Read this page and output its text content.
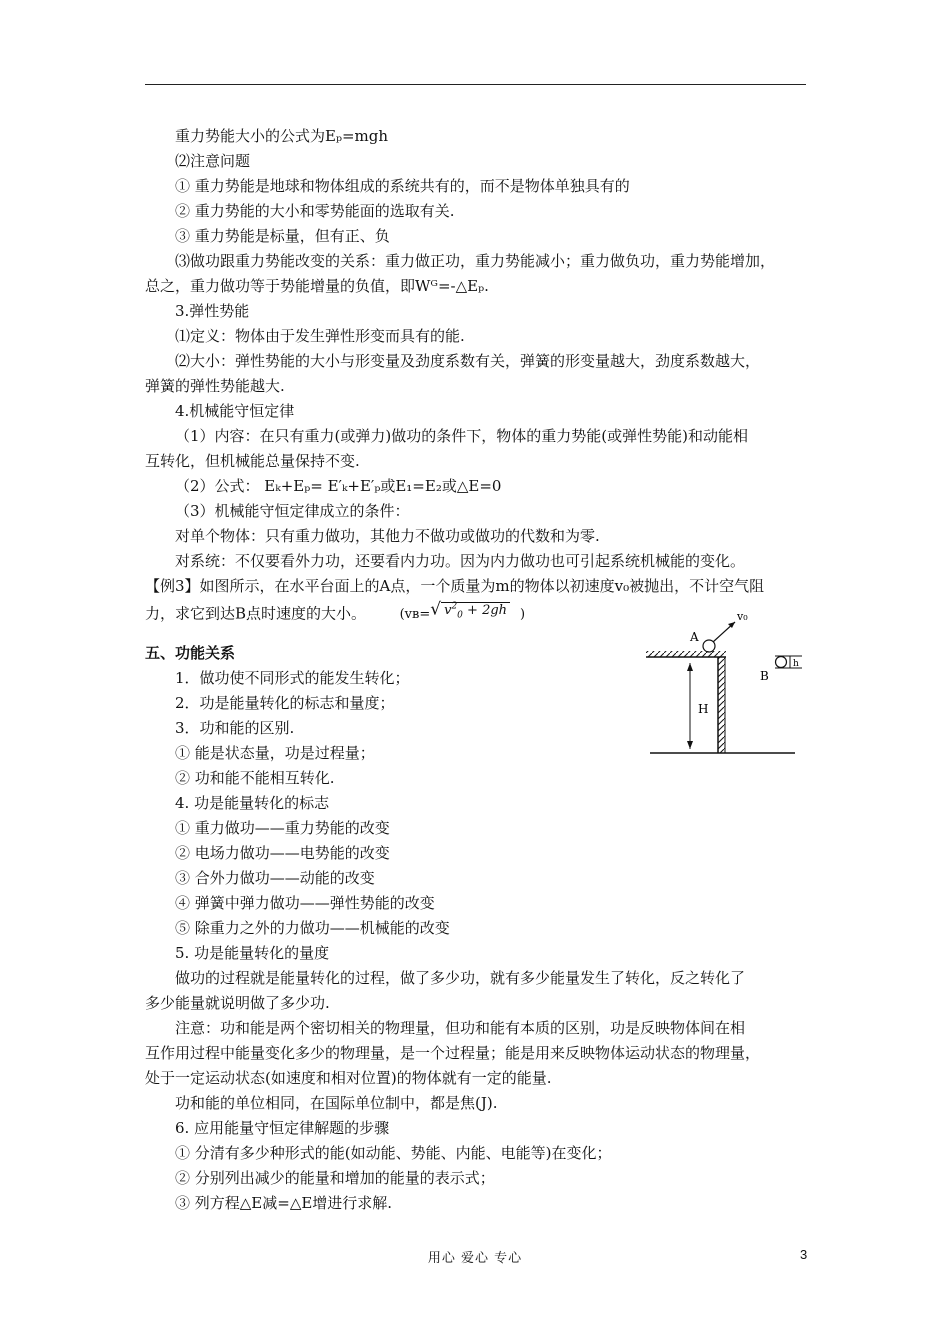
重力势能大小的公式为Eₚ=mgh

⑵注意问题

① 重力势能是地球和物体组成的系统共有的，而不是物体单独具有的

② 重力势能的大小和零势能面的选取有关.

③ 重力势能是标量，但有正、负

⑶做功跟重力势能改变的关系：重力做正功，重力势能减小；重力做负功，重力势能增加，

总之，重力做功等于势能增量的负值，即Wᴳ=-△Eₚ.

3.弹性势能

⑴定义：物体由于发生弹性形变而具有的能.

⑵大小：弹性势能的大小与形变量及劲度系数有关，弹簧的形变量越大，劲度系数越大，

弹簧的弹性势能越大.

4.机械能守恒定律

（1）内容：在只有重力(或弹力)做功的条件下，物体的重力势能(或弹性势能)和动能相

互转化，但机械能总量保持不变.

（2）公式： Eₖ+Eₚ= E′ₖ+E′ₚ或E₁=E₂或△E=0

（3）机械能守恒定律成立的条件：

对单个物体：只有重力做功，其他力不做功或做功的代数和为零.

对系统：不仅要看外力功，还要看内力功。因为内力做功也可引起系统机械能的变化。

【例3】如图所示，在水平台面上的A点，一个质量为m的物体以初速度v₀被抛出，不计空气阻

力，求它到达B点时速度的大小。	(vʙ=√ $v^2_0 + 2gh$ )

五、功能关系

1．做功使不同形式的能发生转化；

2．功是能量转化的标志和量度；

3．功和能的区别.

① 能是状态量，功是过程量；

② 功和能不能相互转化.

4. 功是能量转化的标志

① 重力做功——重力势能的改变

② 电场力做功——电势能的改变

③ 合外力做功——动能的改变

④ 弹簧中弹力做功——弹性势能的改变

⑤ 除重力之外的力做功——机械能的改变

5. 功是能量转化的量度

做功的过程就是能量转化的过程，做了多少功，就有多少能量发生了转化，反之转化了

多少能量就说明做了多少功.

注意：功和能是两个密切相关的物理量，但功和能有本质的区别，功是反映物体间在相

互作用过程中能量变化多少的物理量，是一个过程量；能是用来反映物体运动状态的物理量，

处于一定运动状态(如速度和相对位置)的物体就有一定的能量.

功和能的单位相同，在国际单位制中，都是焦(J).

6. 应用能量守恒定律解题的步骤

① 分清有多少种形式的能(如动能、势能、内能、电能等)在变化；

② 分别列出减少的能量和增加的能量的表示式；

③ 列方程△E减=△E增进行求解.

v₀
A
H
h
B
用心 爱心 专心	3
